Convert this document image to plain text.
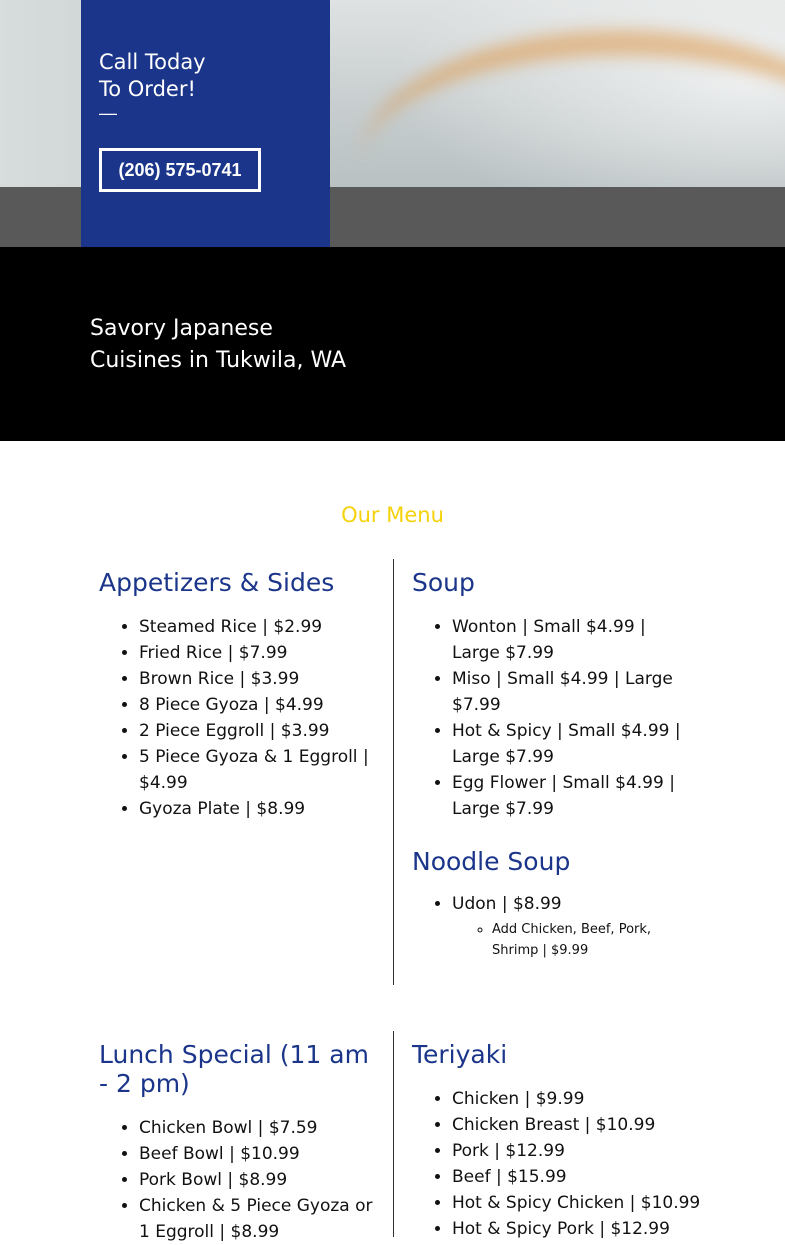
Call Today
To Order!
—
(206) 575-0741
Savory Japanese
Cuisines in Tukwila, WA
Our Menu
Appetizers & Sides
• Steamed Rice | $2.99
• Fried Rice | $7.99
• Brown Rice | $3.99
• 8 Piece Gyoza | $4.99
• 2 Piece Eggroll | $3.99
• 5 Piece Gyoza & 1 Eggroll | $4.99
• Gyoza Plate | $8.99
Soup
• Wonton | Small $4.99 | Large $7.99
• Miso | Small $4.99 | Large $7.99
• Hot & Spicy | Small $4.99 | Large $7.99
• Egg Flower | Small $4.99 | Large $7.99
Noodle Soup
• Udon | $8.99
◦ Add Chicken, Beef, Pork, Shrimp | $9.99
Lunch Special (11 am - 2 pm)
• Chicken Bowl | $7.59
• Beef Bowl | $10.99
• Pork Bowl | $8.99
• Chicken & 5 Piece Gyoza or 1 Eggroll | $8.99
Teriyaki
• Chicken | $9.99
• Chicken Breast | $10.99
• Pork | $12.99
• Beef | $15.99
• Hot & Spicy Chicken | $10.99
• Hot & Spicy Pork | $12.99
